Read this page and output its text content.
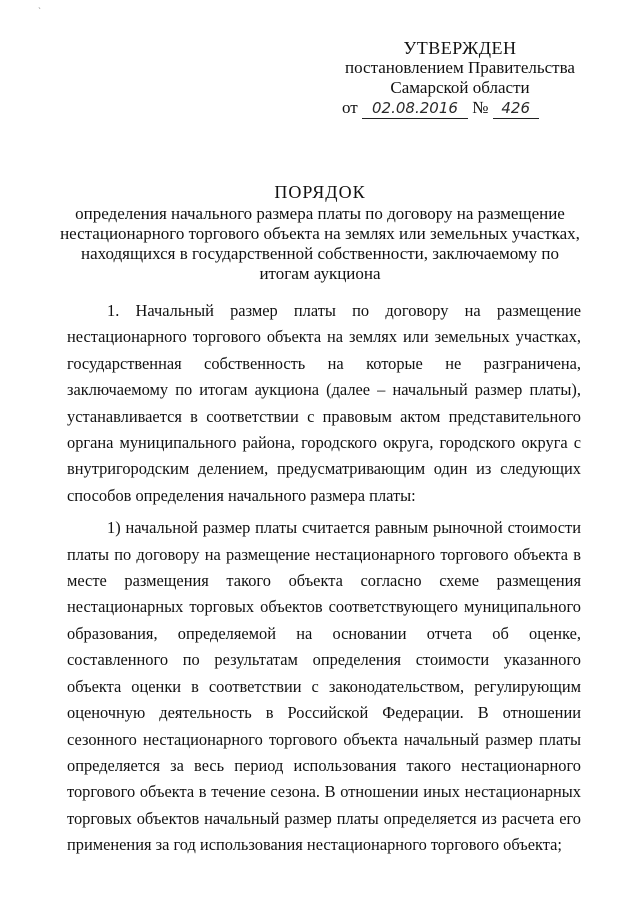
`
УТВЕРЖДЕН
постановлением Правительства
Самарской области
от 02.08.2016 № 426
ПОРЯДОК
определения начального размера платы по договору на размещение нестационарного торгового объекта на землях или земельных участках, находящихся в государственной собственности, заключаемому по итогам аукциона

1. Начальный размер платы по договору на размещение нестационарного торгового объекта на землях или земельных участках, государственная собственность на которые не разграничена, заключаемому по итогам аукциона (далее – начальный размер платы), устанавливается в соответствии с правовым актом представительного органа муниципального района, городского округа, городского округа с внутригородским делением, предусматривающим один из следующих способов определения начального размера платы:

1) начальной размер платы считается равным рыночной стоимости платы по договору на размещение нестационарного торгового объекта в месте размещения такого объекта согласно схеме размещения нестационарных торговых объектов соответствующего муниципального образования, определяемой на основании отчета об оценке, составленного по результатам определения стоимости указанного объекта оценки в соответствии с законодательством, регулирующим оценочную деятельность в Российской Федерации. В отношении сезонного нестационарного торгового объекта начальный размер платы определяется за весь период использования такого нестационарного торгового объекта в течение сезона. В отношении иных нестационарных торговых объектов начальный размер платы определяется из расчета его применения за год использования нестационарного торгового объекта;
